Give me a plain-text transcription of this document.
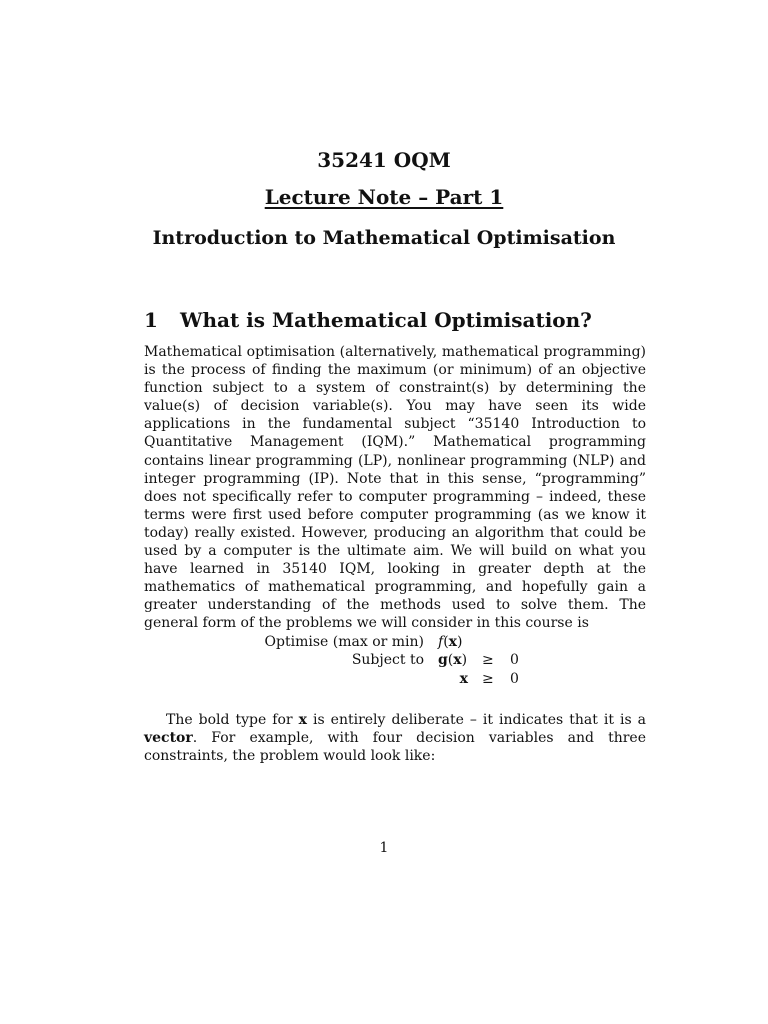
35241 OQM
Lecture Note – Part 1
Introduction to Mathematical Optimisation
1 What is Mathematical Optimisation?

Mathematical optimisation (alternatively, mathematical programming) is the process of finding the maximum (or minimum) of an objective function subject to a system of constraint(s) by determining the value(s) of decision variable(s). You may have seen its wide applications in the fundamental subject “35140 Introduction to Quantitative Management (IQM).” Mathematical programming contains linear programming (LP), nonlinear programming (NLP) and integer programming (IP). Note that in this sense, “programming” does not specifically refer to computer programming – indeed, these terms were first used before computer programming (as we know it today) really existed. However, producing an algorithm that could be used by a computer is the ultimate aim. We will build on what you have learned in 35140 IQM, looking in greater depth at the mathematics of mathematical programming, and hopefully gain a greater understanding of the methods used to solve them. The general form of the problems we will consider in this course is

Optimise (max or min) f(x)
Subject to g(x) ≥ 0
x ≥ 0

The bold type for x is entirely deliberate – it indicates that it is a vector. For example, with four decision variables and three constraints, the problem would look like:

1
